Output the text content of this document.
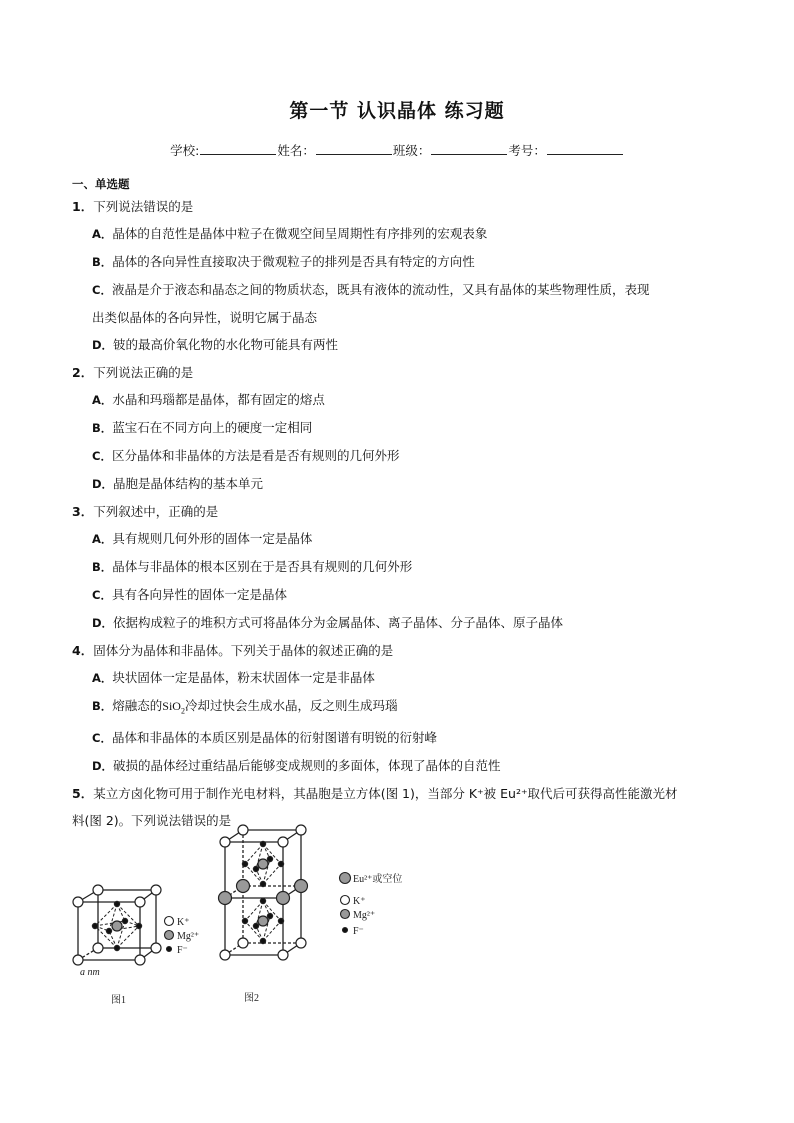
第一节 认识晶体 练习题
学校:	姓名：	班级：	考号：
一、单选题
1．下列说法错误的是
A．晶体的自范性是晶体中粒子在微观空间呈周期性有序排列的宏观表象
B．晶体的各向异性直接取决于微观粒子的排列是否具有特定的方向性
C．液晶是介于液态和晶态之间的物质状态，既具有液体的流动性，又具有晶体的某些物理性质，表现
出类似晶体的各向异性，说明它属于晶态
D．铍的最高价氧化物的水化物可能具有两性
2．下列说法正确的是
A．水晶和玛瑙都是晶体，都有固定的熔点
B．蓝宝石在不同方向上的硬度一定相同
C．区分晶体和非晶体的方法是看是否有规则的几何外形
D．晶胞是晶体结构的基本单元
3．下列叙述中，正确的是
A．具有规则几何外形的固体一定是晶体
B．晶体与非晶体的根本区别在于是否具有规则的几何外形
C．具有各向异性的固体一定是晶体
D．依据构成粒子的堆积方式可将晶体分为金属晶体、离子晶体、分子晶体、原子晶体
4．固体分为晶体和非晶体。下列关于晶体的叙述正确的是
A．块状固体一定是晶体，粉末状固体一定是非晶体
B．熔融态的SiO$_2$冷却过快会生成水晶，反之则生成玛瑙
C．晶体和非晶体的本质区别是晶体的衍射图谱有明锐的衍射峰
D．破损的晶体经过重结晶后能够变成规则的多面体，体现了晶体的自范性
5．某立方卤化物可用于制作光电材料，其晶胞是立方体(图 1)，当部分 K⁺被 Eu²⁺取代后可获得高性能激光材
料(图 2)。下列说法错误的是
K⁺
Mg²⁺
F⁻
a nm
图1
Eu²⁺或空位
K⁺
Mg²⁺
F⁻
图2
